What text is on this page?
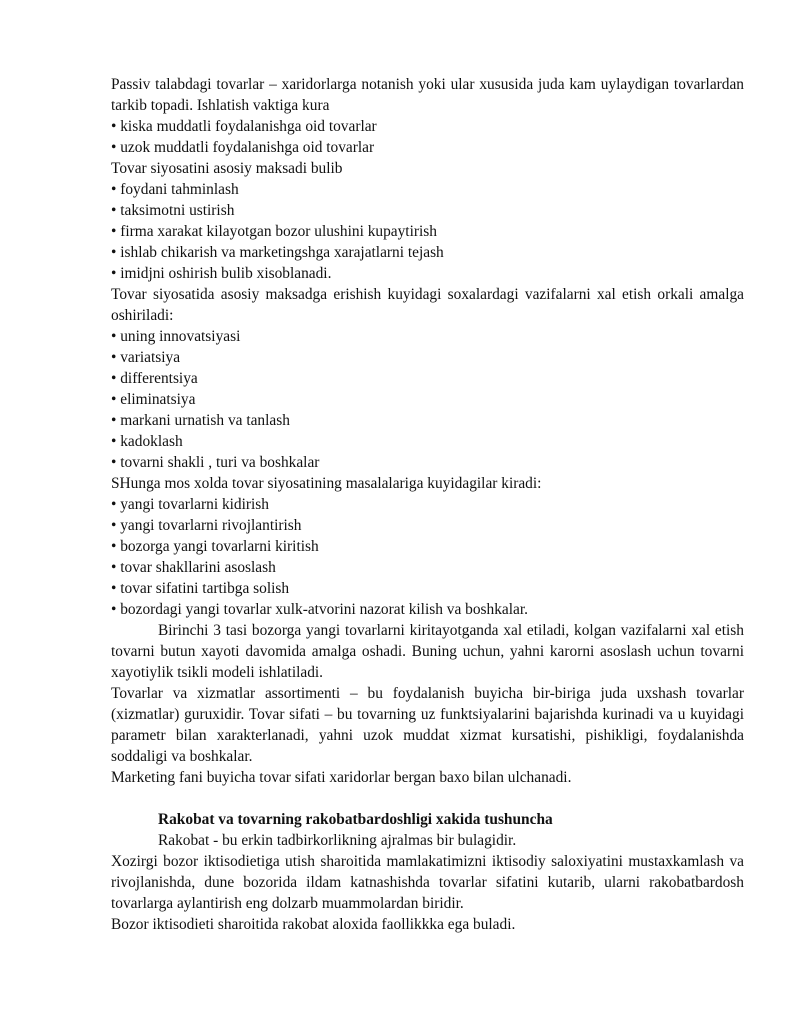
Passiv talabdagi tovarlar – xaridorlarga notanish yoki ular xususida juda kam uylaydigan tovarlardan tarkib topadi. Ishlatish vaktiga kura

• kiska muddatli foydalanishga oid tovarlar

• uzok muddatli foydalanishga oid tovarlar

Tovar siyosatini asosiy maksadi bulib

• foydani tahminlash

• taksimotni ustirish

• firma xarakat kilayotgan bozor ulushini kupaytirish

• ishlab chikarish va marketingshga xarajatlarni tejash

• imidjni oshirish bulib xisoblanadi.

Tovar siyosatida asosiy maksadga erishish kuyidagi soxalardagi vazifalarni xal etish orkali amalga oshiriladi:

• uning innovatsiyasi

• variatsiya

• differentsiya

• eliminatsiya

• markani urnatish va tanlash

• kadoklash

• tovarni shakli , turi va boshkalar

SHunga mos xolda tovar siyosatining masalalariga kuyidagilar kiradi:

• yangi tovarlarni kidirish

• yangi tovarlarni rivojlantirish

• bozorga yangi tovarlarni kiritish

• tovar shakllarini asoslash

• tovar sifatini tartibga solish

• bozordagi yangi tovarlar xulk-atvorini nazorat kilish va boshkalar.

Birinchi 3 tasi bozorga yangi tovarlarni kiritayotganda xal etiladi, kolgan vazifalarni xal etish tovarni butun xayoti davomida amalga oshadi. Buning uchun, yahni karorni asoslash uchun tovarni xayotiylik tsikli modeli ishlatiladi.

Tovarlar va xizmatlar assortimenti – bu foydalanish buyicha bir-biriga juda uxshash tovarlar (xizmatlar) guruxidir. Tovar sifati – bu tovarning uz funktsiyalarini bajarishda kurinadi va u kuyidagi parametr bilan xarakterlanadi, yahni uzok muddat xizmat kursatishi, pishikligi, foydalanishda soddaligi va boshkalar.

Marketing fani buyicha tovar sifati xaridorlar bergan baxo bilan ulchanadi.

Rakobat va tovarning rakobatbardoshligi xakida tushuncha

Rakobat - bu erkin tadbirkorlikning ajralmas bir bulagidir.

Xozirgi bozor iktisodietiga utish sharoitida mamlakatimizni iktisodiy saloxiyatini mustaxkamlash va rivojlanishda, dune bozorida ildam katnashishda tovarlar sifatini kutarib, ularni rakobatbardosh tovarlarga aylantirish eng dolzarb muammolardan biridir.

Bozor iktisodieti sharoitida rakobat aloxida faollikkka ega buladi.
